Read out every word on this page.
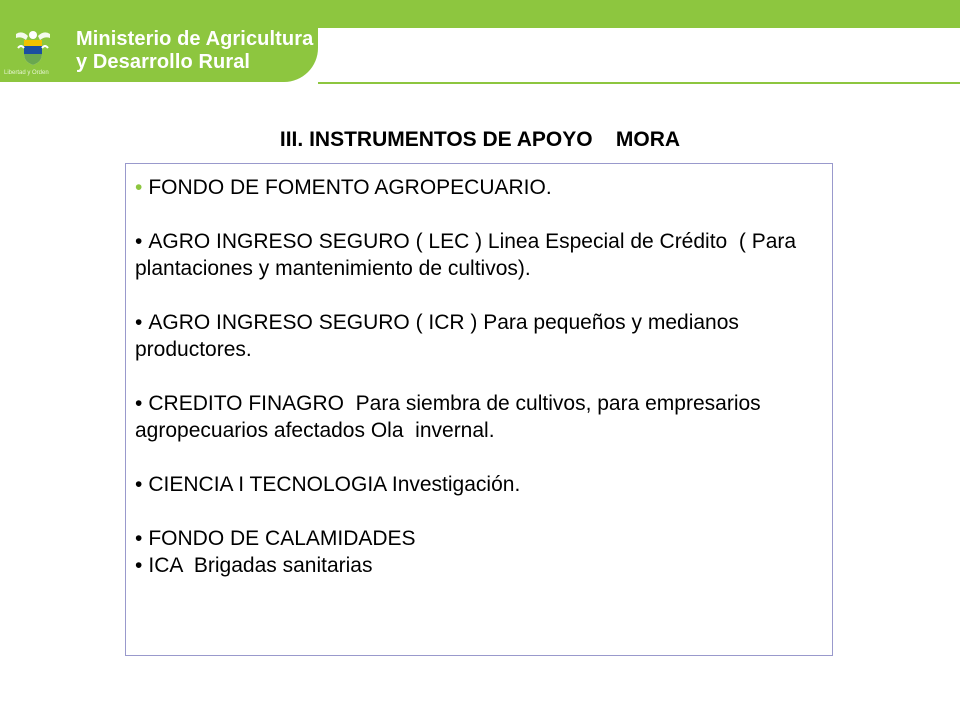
Libertad y Orden
Ministerio de Agricultura
y Desarrollo Rural
III. INSTRUMENTOS DE APOYO    MORA

• FONDO DE FOMENTO AGROPECUARIO.

• AGRO INGRESO SEGURO ( LEC ) Linea Especial de Crédito  ( Para plantaciones y mantenimiento de cultivos).

• AGRO INGRESO SEGURO ( ICR ) Para pequeños y medianos productores.

• CREDITO FINAGRO  Para siembra de cultivos, para empresarios agropecuarios afectados Ola  invernal.

• CIENCIA I TECNOLOGIA Investigación.

• FONDO DE CALAMIDADES

• ICA  Brigadas sanitarias
